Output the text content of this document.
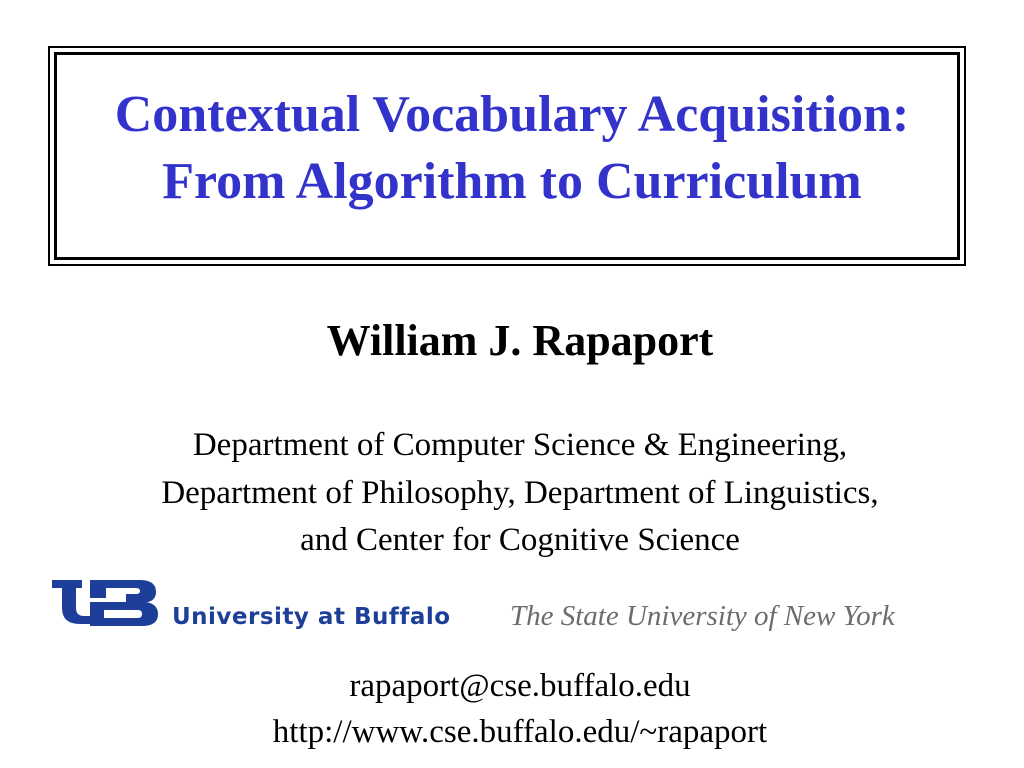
Contextual Vocabulary Acquisition:
From Algorithm to Curriculum
William J. Rapaport

Department of Computer Science & Engineering,

Department of Philosophy, Department of Linguistics,

and Center for Cognitive Science

University at Buffalo The State University of New York

rapaport@cse.buffalo.edu

http://www.cse.buffalo.edu/~rapaport
